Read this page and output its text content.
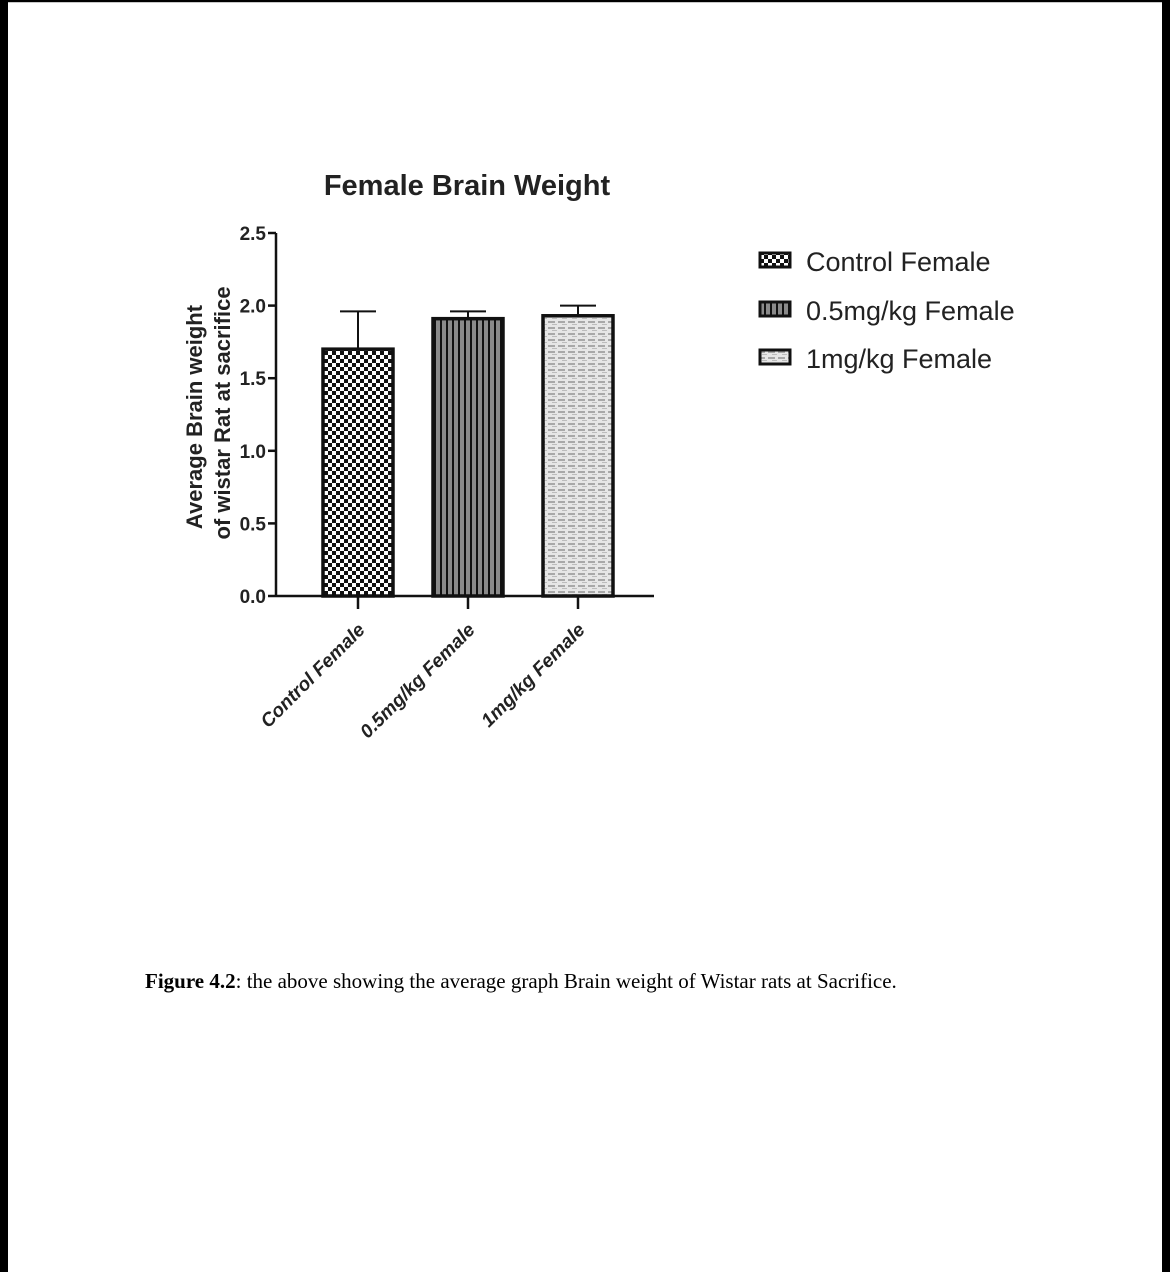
Female Brain Weight
Average Brain weight of wistar Rat at sacrifice
0.0
0.5
1.0
1.5
2.0
2.5
Control Female
0.5mg/kg Female
1mg/kg Female
Control Female
0.5mg/kg Female
1mg/kg Female
Figure 4.2: the above showing the average graph Brain weight of Wistar rats at Sacrifice.
